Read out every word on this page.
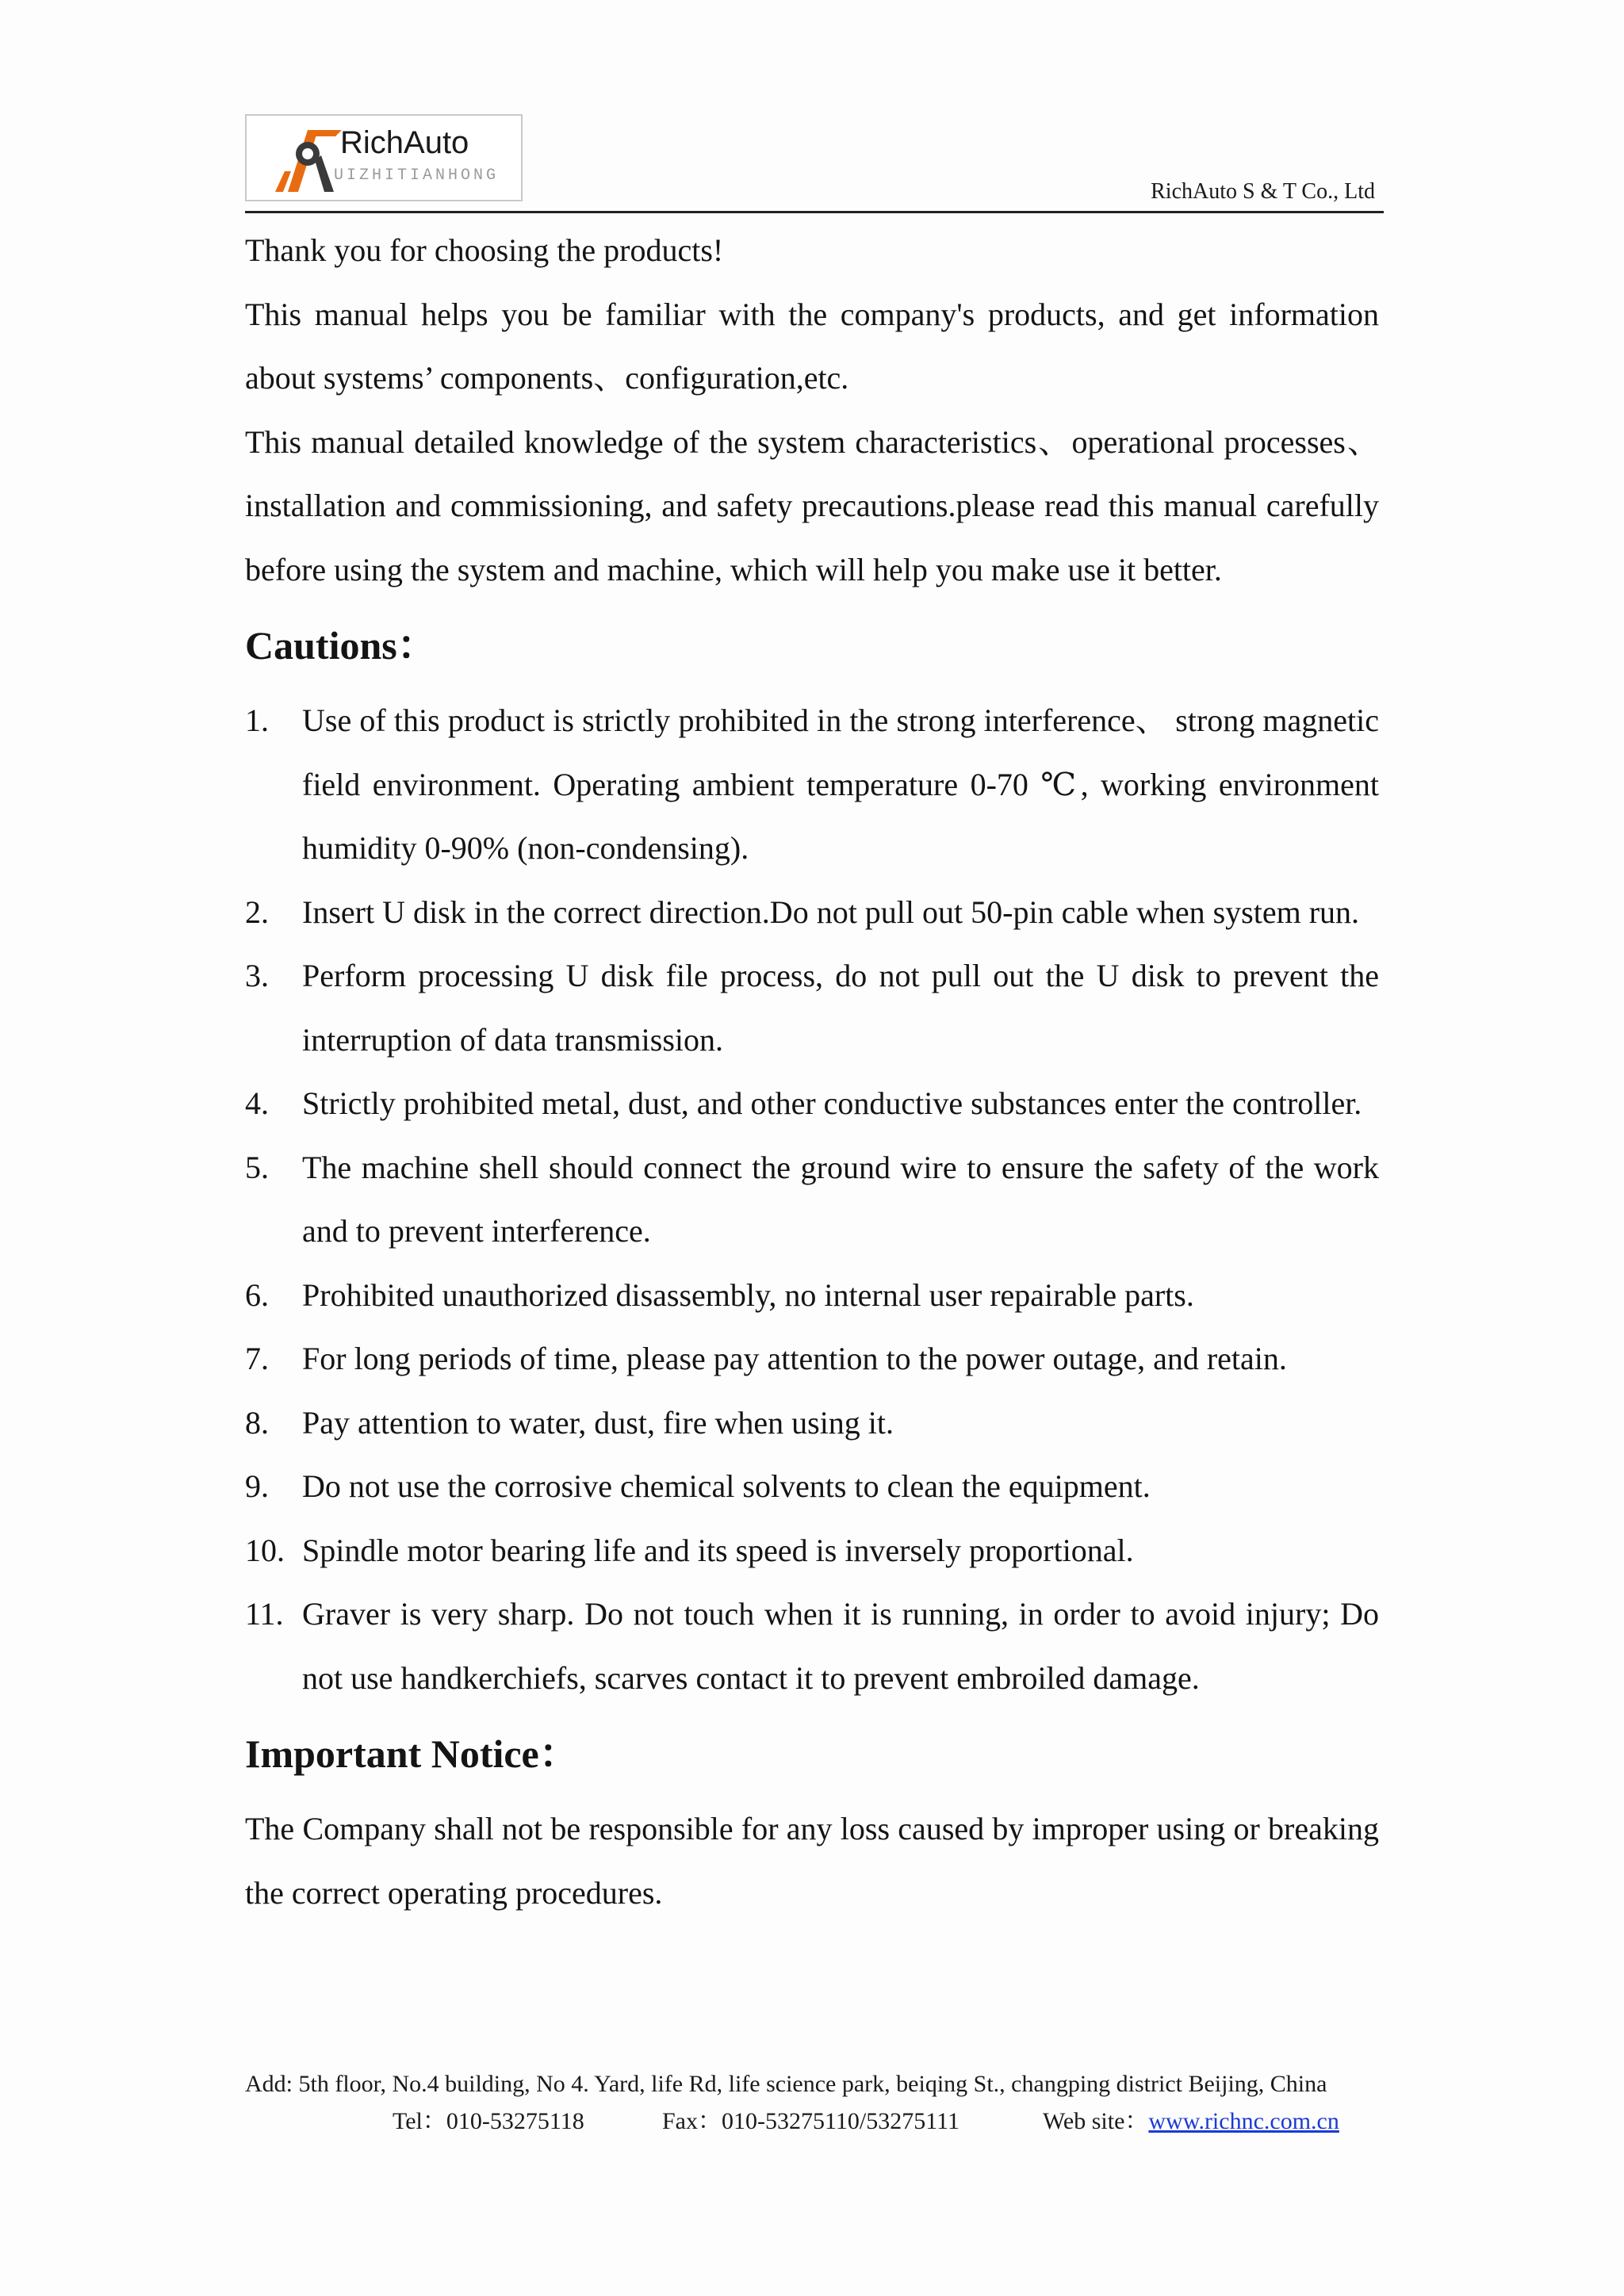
RichAuto
UIZHITIANHONG
RichAuto S & T Co., Ltd

Thank you for choosing the products!

This manual helps you be familiar with the company's products, and get information about systems’ components、configuration,etc.

This manual detailed knowledge of the system characteristics、operational processes、installation and commissioning, and safety precautions.please read this manual carefully before using the system and machine, which will help you make use it better.

Cautions：
1. Use of this product is strictly prohibited in the strong interference、 strong magnetic field environment. Operating ambient temperature 0-70 ℃, working environment humidity 0-90% (non-condensing).
2. Insert U disk in the correct direction.Do not pull out 50-pin cable when system run.
3. Perform processing U disk file process, do not pull out the U disk to prevent the interruption of data transmission.
4. Strictly prohibited metal, dust, and other conductive substances enter the controller.
5. The machine shell should connect the ground wire to ensure the safety of the work and to prevent interference.
6. Prohibited unauthorized disassembly, no internal user repairable parts.
7. For long periods of time, please pay attention to the power outage, and retain.
8. Pay attention to water, dust, fire when using it.
9. Do not use the corrosive chemical solvents to clean the equipment.
10. Spindle motor bearing life and its speed is inversely proportional.
11. Graver is very sharp. Do not touch when it is running, in order to avoid injury; Do not use handkerchiefs, scarves contact it to prevent embroiled damage.
Important Notice：

The Company shall not be responsible for any loss caused by improper using or breaking the correct operating procedures.

Add: 5th floor, No.4 building, No 4. Yard, life Rd, life science park, beiqing St., changping district Beijing, China
Tel：010-53275118	Fax：010-53275110/53275111	Web site：www.richnc.com.cn
